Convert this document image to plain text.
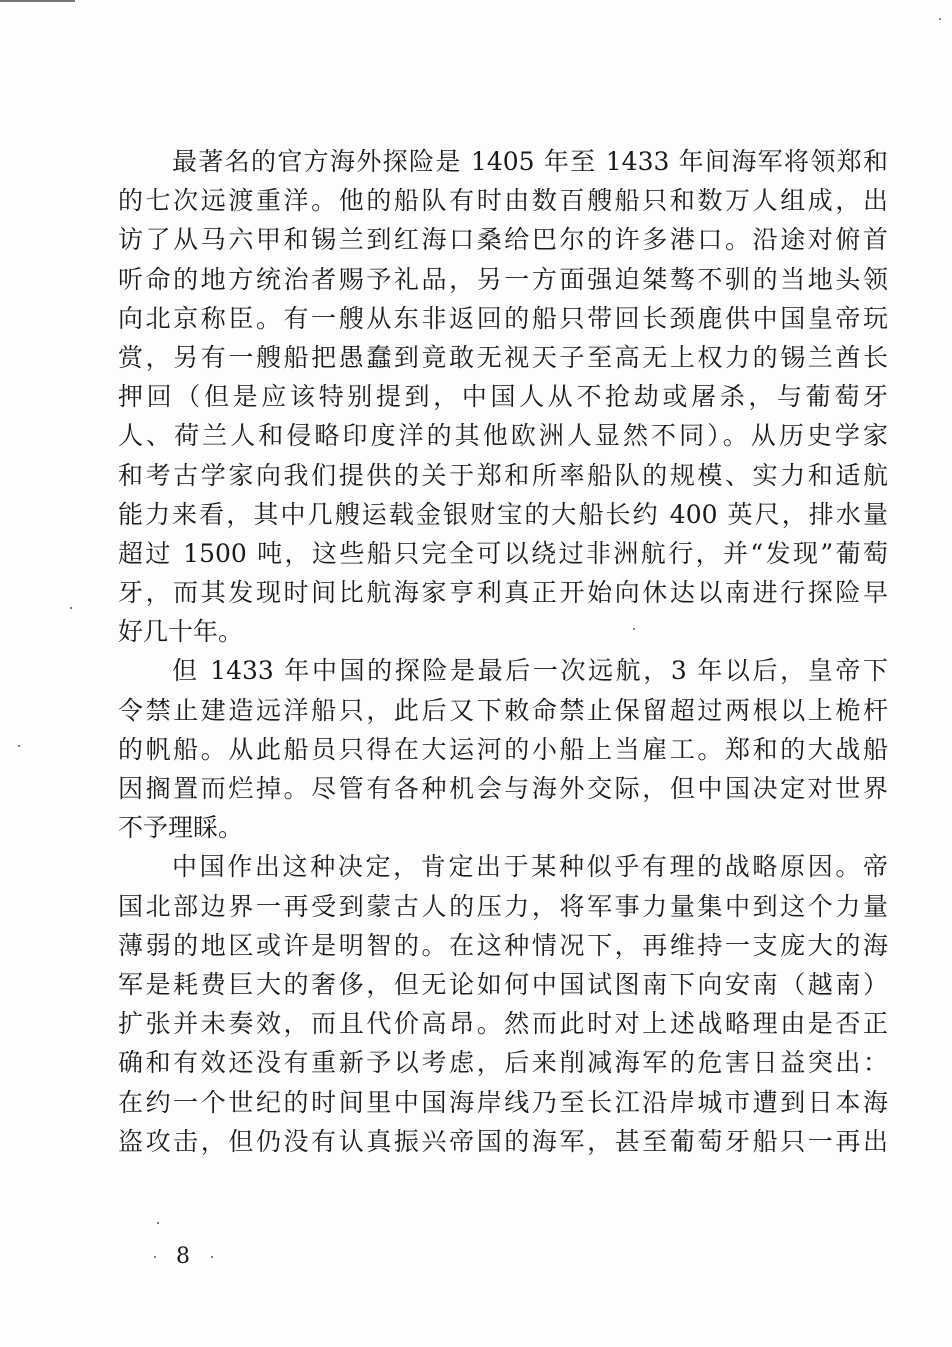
最著名的官方海外探险是 1405 年至 1433 年间海军将领郑和
的七次远渡重洋。他的船队有时由数百艘船只和数万人组成，出
访了从马六甲和锡兰到红海口桑给巴尔的许多港口。沿途对俯首
听命的地方统治者赐予礼品，另一方面强迫桀骜不驯的当地头领
向北京称臣。有一艘从东非返回的船只带回长颈鹿供中国皇帝玩
赏，另有一艘船把愚蠢到竟敢无视天子至高无上权力的锡兰酋长
押回（但是应该特别提到，中国人从不抢劫或屠杀，与葡萄牙
人、荷兰人和侵略印度洋的其他欧洲人显然不同）。从历史学家
和考古学家向我们提供的关于郑和所率船队的规模、实力和适航
能力来看，其中几艘运载金银财宝的大船长约 400 英尺，排水量
超过 1500 吨，这些船只完全可以绕过非洲航行，并“发现”葡萄
牙，而其发现时间比航海家亨利真正开始向休达以南进行探险早
好几十年。
但 1433 年中国的探险是最后一次远航，3 年以后，皇帝下
令禁止建造远洋船只，此后又下敕命禁止保留超过两根以上桅杆
的帆船。从此船员只得在大运河的小船上当雇工。郑和的大战船
因搁置而烂掉。尽管有各种机会与海外交际，但中国决定对世界
不予理睬。
中国作出这种决定，肯定出于某种似乎有理的战略原因。帝
国北部边界一再受到蒙古人的压力，将军事力量集中到这个力量
薄弱的地区或许是明智的。在这种情况下，再维持一支庞大的海
军是耗费巨大的奢侈，但无论如何中国试图南下向安南（越南）
扩张并未奏效，而且代价高昂。然而此时对上述战略理由是否正
确和有效还没有重新予以考虑，后来削减海军的危害日益突出：
在约一个世纪的时间里中国海岸线乃至长江沿岸城市遭到日本海
盗攻击，但仍没有认真振兴帝国的海军，甚至葡萄牙船只一再出
8
